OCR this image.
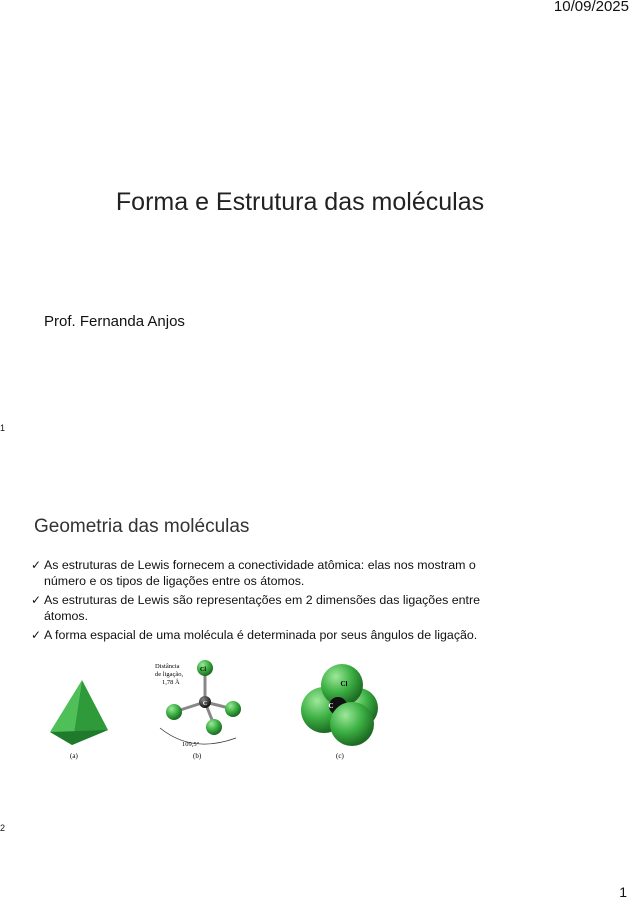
10/09/2025
Forma e Estrutura das moléculas
Prof. Fernanda Anjos
1
Geometria das moléculas
✓ As estruturas de Lewis fornecem a conectividade atômica: elas nos mostram o número e os tipos de ligações entre os átomos.
✓ As estruturas de Lewis são representações em 2 dimensões das ligações entre átomos.
✓ A forma espacial de uma molécula é determinada por seus ângulos de ligação.
(a)
Cl
C
Distância
de ligação,
1,78 Å
109,5°
(b)
Cl
C
(c)
2
1
